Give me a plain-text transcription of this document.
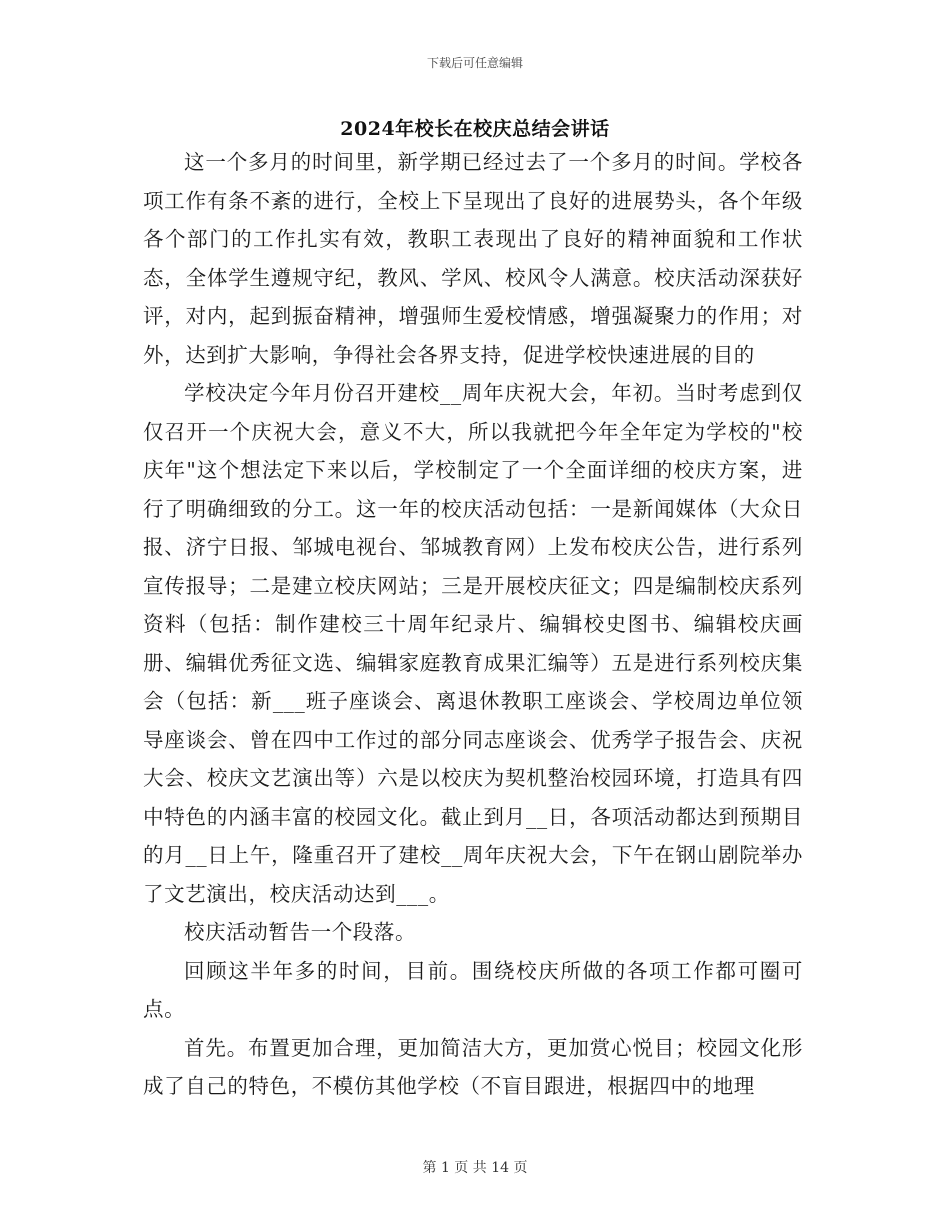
下载后可任意编辑
2024年校长在校庆总结会讲话

这一个多月的时间里，新学期已经过去了一个多月的时间。学校各项工作有条不紊的进行，全校上下呈现出了良好的进展势头，各个年级各个部门的工作扎实有效，教职工表现出了良好的精神面貌和工作状态，全体学生遵规守纪，教风、学风、校风令人满意。校庆活动深获好评，对内，起到振奋精神，增强师生爱校情感，增强凝聚力的作用；对外，达到扩大影响，争得社会各界支持，促进学校快速进展的目的

学校决定今年月份召开建校__周年庆祝大会，年初。当时考虑到仅仅召开一个庆祝大会，意义不大，所以我就把今年全年定为学校的"校庆年"这个想法定下来以后，学校制定了一个全面详细的校庆方案，进行了明确细致的分工。这一年的校庆活动包括：一是新闻媒体（大众日报、济宁日报、邹城电视台、邹城教育网）上发布校庆公告，进行系列宣传报导；二是建立校庆网站；三是开展校庆征文；四是编制校庆系列资料（包括：制作建校三十周年纪录片、编辑校史图书、编辑校庆画册、编辑优秀征文选、编辑家庭教育成果汇编等）五是进行系列校庆集会（包括：新___班子座谈会、离退休教职工座谈会、学校周边单位领导座谈会、曾在四中工作过的部分同志座谈会、优秀学子报告会、庆祝大会、校庆文艺演出等）六是以校庆为契机整治校园环境，打造具有四中特色的内涵丰富的校园文化。截止到月__日，各项活动都达到预期目的月__日上午，隆重召开了建校__周年庆祝大会，下午在钢山剧院举办了文艺演出，校庆活动达到___。

校庆活动暂告一个段落。

回顾这半年多的时间，目前。围绕校庆所做的各项工作都可圈可点。

首先。布置更加合理，更加简洁大方，更加赏心悦目；校园文化形成了自己的特色，不模仿其他学校（不盲目跟进，根据四中的地理

第 1 页 共 14 页
